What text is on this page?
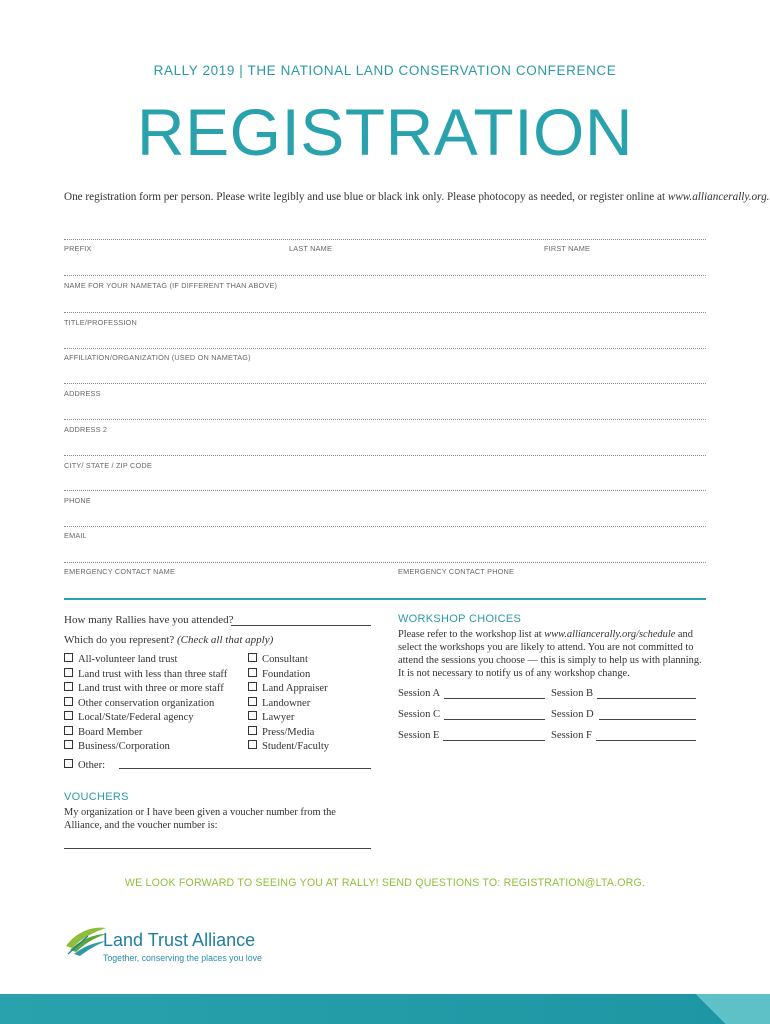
RALLY 2019 | THE NATIONAL LAND CONSERVATION CONFERENCE
REGISTRATION
One registration form per person. Please write legibly and use blue or black ink only. Please photocopy as needed, or register online at www.alliancerally.org.
PREFIX	LAST NAME	FIRST NAME
NAME FOR YOUR NAMETAG (IF DIFFERENT THAN ABOVE)
TITLE/PROFESSION
AFFILIATION/ORGANIZATION (USED ON NAMETAG)
ADDRESS
ADDRESS 2
CITY/ STATE / ZIP CODE
PHONE
EMAIL
EMERGENCY CONTACT NAME	EMERGENCY CONTACT PHONE
How many Rallies have you attended?
Which do you represent? (Check all that apply)
All-volunteer land trust
Land trust with less than three staff
Land trust with three or more staff
Other conservation organization
Local/State/Federal agency
Board Member
Business/Corporation
Consultant
Foundation
Land Appraiser
Landowner
Lawyer
Press/Media
Student/Faculty
Other:
VOUCHERS
My organization or I have been given a voucher number from the Alliance, and the voucher number is:
WORKSHOP CHOICES
Please refer to the workshop list at www.alliancerally.org/schedule and select the workshops you are likely to attend. You are not committed to attend the sessions you choose — this is simply to help us with planning. It is not necessary to notify us of any workshop change.
Session A	Session B
Session C	Session D
Session E	Session F
WE LOOK FORWARD TO SEEING YOU AT RALLY! SEND QUESTIONS TO: REGISTRATION@LTA.ORG.
Land Trust Alliance
Together, conserving the places you love
